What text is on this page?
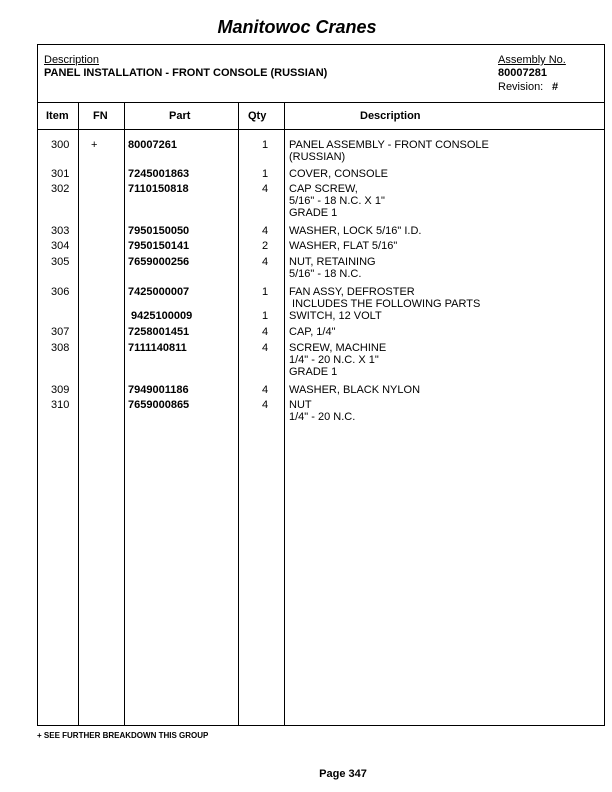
Manitowoc Cranes
Description
PANEL INSTALLATION - FRONT CONSOLE (RUSSIAN)
Assembly No.
80007281
Revision: #
Item FN	Part	Qty	Description
300 +	80007261	1 PANEL ASSEMBLY - FRONT CONSOLE
(RUSSIAN)
301	7245001863	1 COVER, CONSOLE
302	7110150818	4 CAP SCREW,
5/16" - 18 N.C. X 1"
GRADE 1
303	7950150050	4 WASHER, LOCK 5/16" I.D.
304	7950150141	2 WASHER, FLAT 5/16"
305	7659000256	4 NUT, RETAINING
5/16" - 18 N.C.
306	7425000007	1 FAN ASSY, DEFROSTER
INCLUDES THE FOLLOWING PARTS
9425100009	1 SWITCH, 12 VOLT
307	7258001451	4 CAP, 1/4"
308	7111140811	4 SCREW, MACHINE
1/4" - 20 N.C. X 1"
GRADE 1
309	7949001186	4 WASHER, BLACK NYLON
310	7659000865	4 NUT
1/4" - 20 N.C.
+ SEE FURTHER BREAKDOWN THIS GROUP
Page 347
